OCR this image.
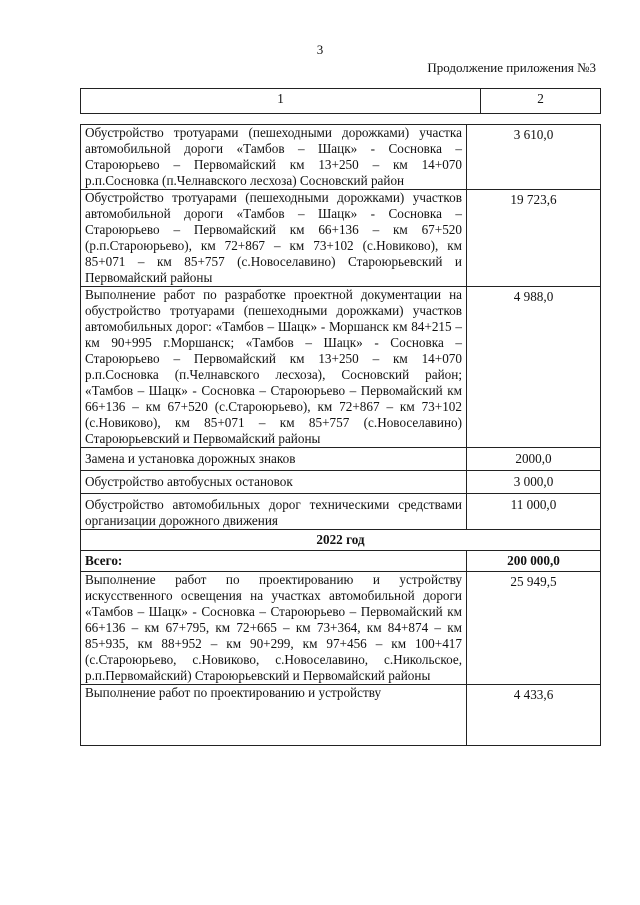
3
Продолжение приложения №3
1	2
Обустройство тротуарами (пешеходными дорожками) участка автомобильной дороги «Тамбов – Шацк» - Сосновка – Староюрьево – Первомайский км 13+250 – км 14+070 р.п.Сосновка (п.Челнавского лесхоза) Сосновский район	3 610,0
Обустройство тротуарами (пешеходными дорожками) участков автомобильной дороги «Тамбов – Шацк» - Сосновка – Староюрьево – Первомайский км 66+136 – км 67+520 (р.п.Староюрьево), км 72+867 – км 73+102 (с.Новиково), км 85+071 – км 85+757 (с.Новоселавино) Староюрьевский и Первомайский районы	19 723,6
Выполнение работ по разработке проектной документации на обустройство тротуарами (пешеходными дорожками) участков автомобильных дорог: «Тамбов – Шацк» - Моршанск км 84+215 – км 90+995 г.Моршанск; «Тамбов – Шацк» - Сосновка – Староюрьево – Первомайский км 13+250 – км 14+070 р.п.Сосновка (п.Челнавского лесхоза), Сосновский район; «Тамбов – Шацк» - Сосновка – Староюрьево – Первомайский км 66+136 – км 67+520 (с.Староюрьево), км 72+867 – км 73+102 (с.Новиково), км 85+071 – км 85+757 (с.Новоселавино) Староюрьевский и Первомайский районы	4 988,0
Замена и установка дорожных знаков	2000,0
Обустройство автобусных остановок	3 000,0
Обустройство автомобильных дорог техническими средствами организации дорожного движения	11 000,0
2022 год	
Всего:	200 000,0
Выполнение работ по проектированию и устройству искусственного освещения на участках автомобильной дороги «Тамбов – Шацк» - Сосновка – Староюрьево – Первомайский км 66+136 – км 67+795, км 72+665 – км 73+364, км 84+874 – км 85+935, км 88+952 – км 90+299, км 97+456 – км 100+417 (с.Староюрьево, с.Новиково, с.Новоселавино, с.Никольское, р.п.Первомайский) Староюрьевский и Первомайский районы	25 949,5
Выполнение работ по проектированию и устройству	4 433,6
